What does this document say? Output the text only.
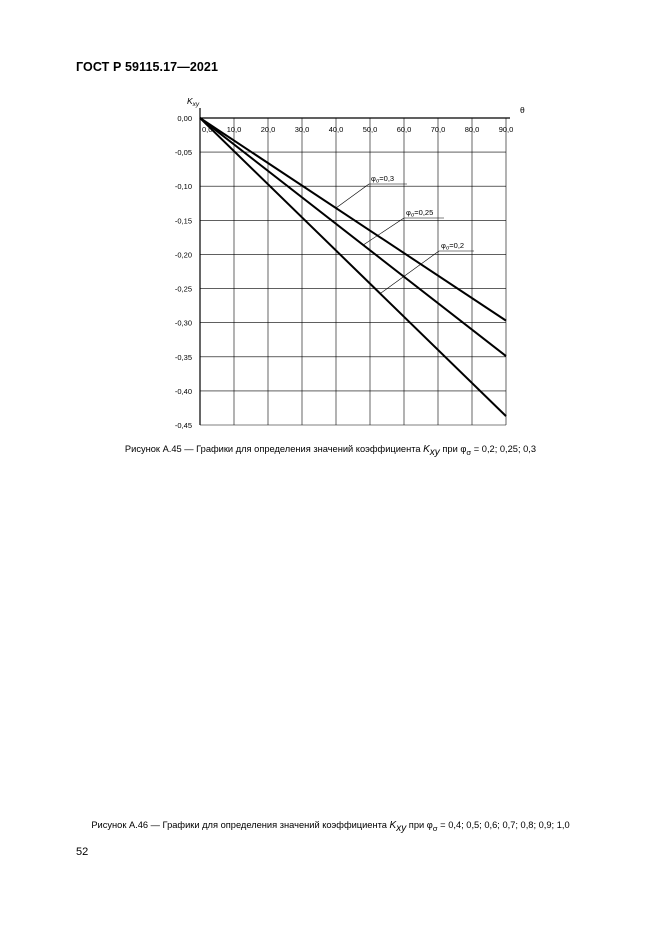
ГОСТ Р 59115.17—2021
0,00
-0,05
-0,10
-0,15
-0,20
-0,25
-0,30
-0,35
-0,40
-0,45
0,0 10,0	20,0	30,0	40,0	50,0	60,0	70,0	80,0	90,0
$K_{xy}$
θ
$\varphi_\sigma=0,3$
$\varphi_\sigma=0,25$
$\varphi_\sigma=0,2$
Рисунок А.45 — Графики для определения значений коэффициента $K_{xy}$ при $\varphi_\sigma = 0,2$; 0,25; 0,3
Рисунок А.46 — Графики для определения значений коэффициента $K_{xy}$ при $\varphi_\sigma = 0,4$; 0,5; 0,6; 0,7; 0,8; 0,9; 1,0
52
